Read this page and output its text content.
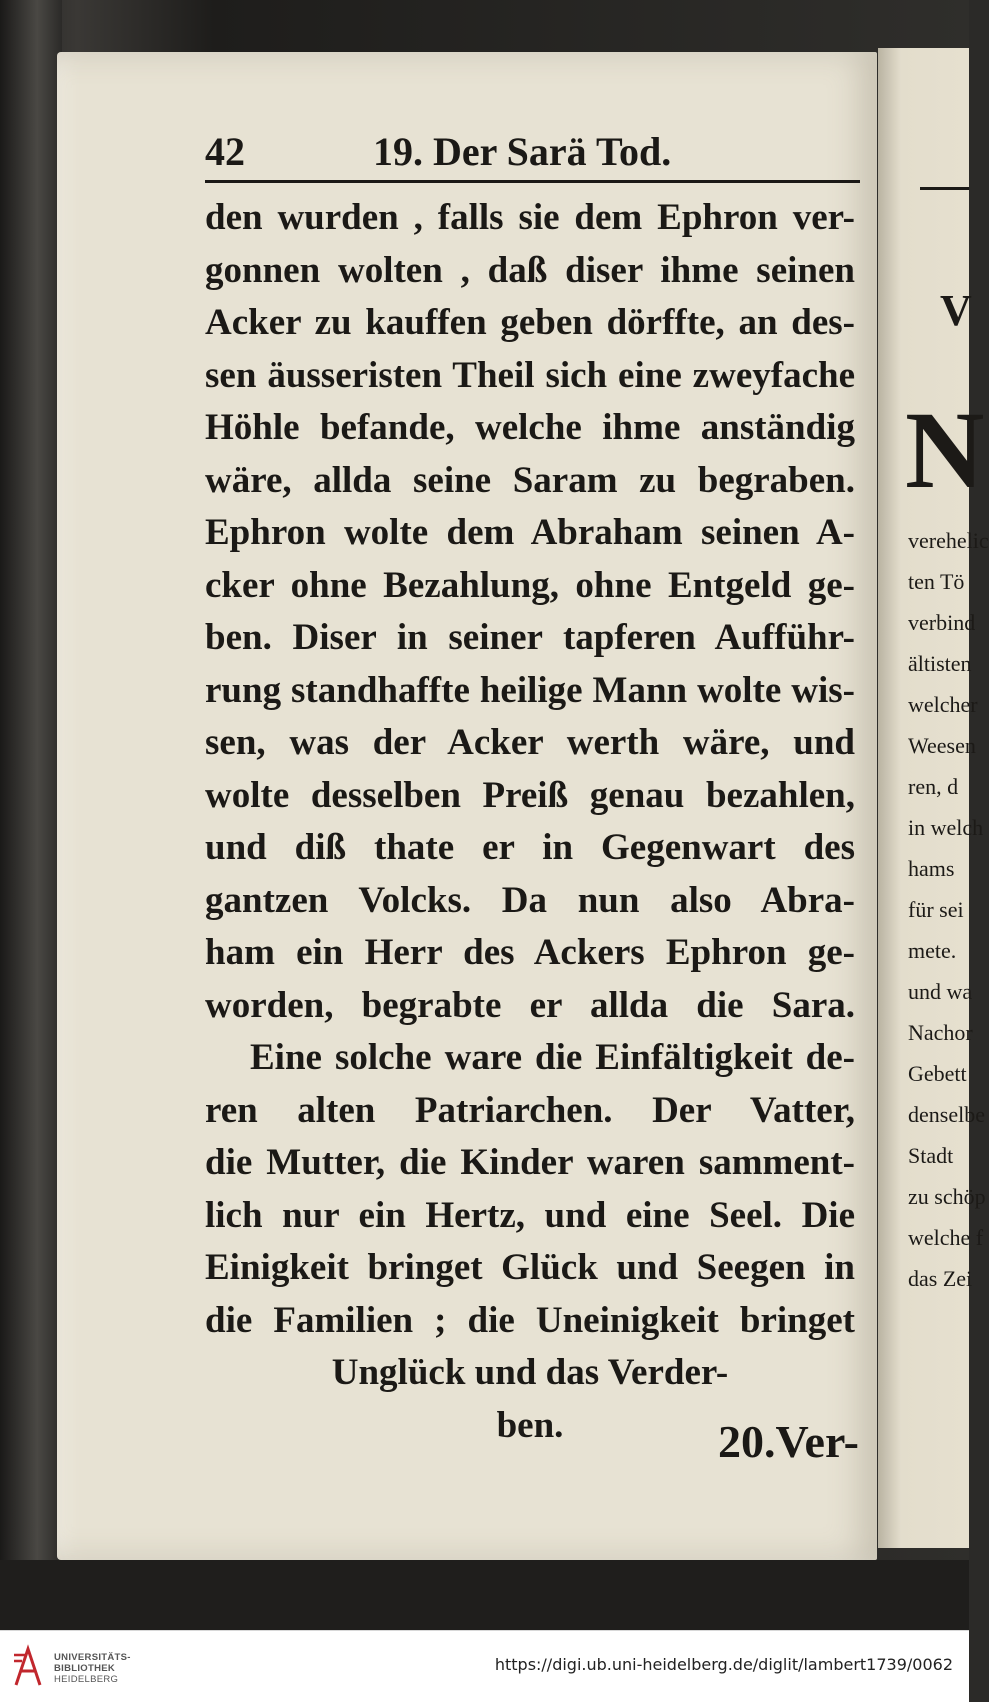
V
N
verehelic
ten Tö
verbind
ältisten
welcher
Weesen
ren, d
in welch
hams
für sei
mete.
und wa
Nachor
Gebett
denselbe
Stadt
zu schöp
welche f
das Zei
42	19. Der Sarä Tod.
den wurden , falls sie dem Ephron ver-
gonnen wolten , daß diser ihme seinen
Acker zu kauffen geben dörffte, an des-
sen äusseristen Theil sich eine zweyfache
Höhle befande, welche ihme anständig
wäre, allda seine Saram zu begraben.
Ephron wolte dem Abraham seinen A-
cker ohne Bezahlung, ohne Entgeld ge-
ben. Diser in seiner tapferen Aufführ-
rung standhaffte heilige Mann wolte wis-
sen, was der Acker werth wäre, und
wolte desselben Preiß genau bezahlen,
und diß thate er in Gegenwart des
gantzen Volcks. Da nun also Abra-
ham ein Herr des Ackers Ephron ge-
worden, begrabte er allda die Sara.
Eine solche ware die Einfältigkeit de-
ren alten Patriarchen. Der Vatter,
die Mutter, die Kinder waren samment-
lich nur ein Hertz, und eine Seel. Die
Einigkeit bringet Glück und Seegen in
die Familien ; die Uneinigkeit bringet
Unglück und das Verder-
ben.	20.Ver-
UNIVERSITÄTS-
BIBLIOTHEK
HEIDELBERG
https://digi.ub.uni-heidelberg.de/diglit/lambert1739/0062
